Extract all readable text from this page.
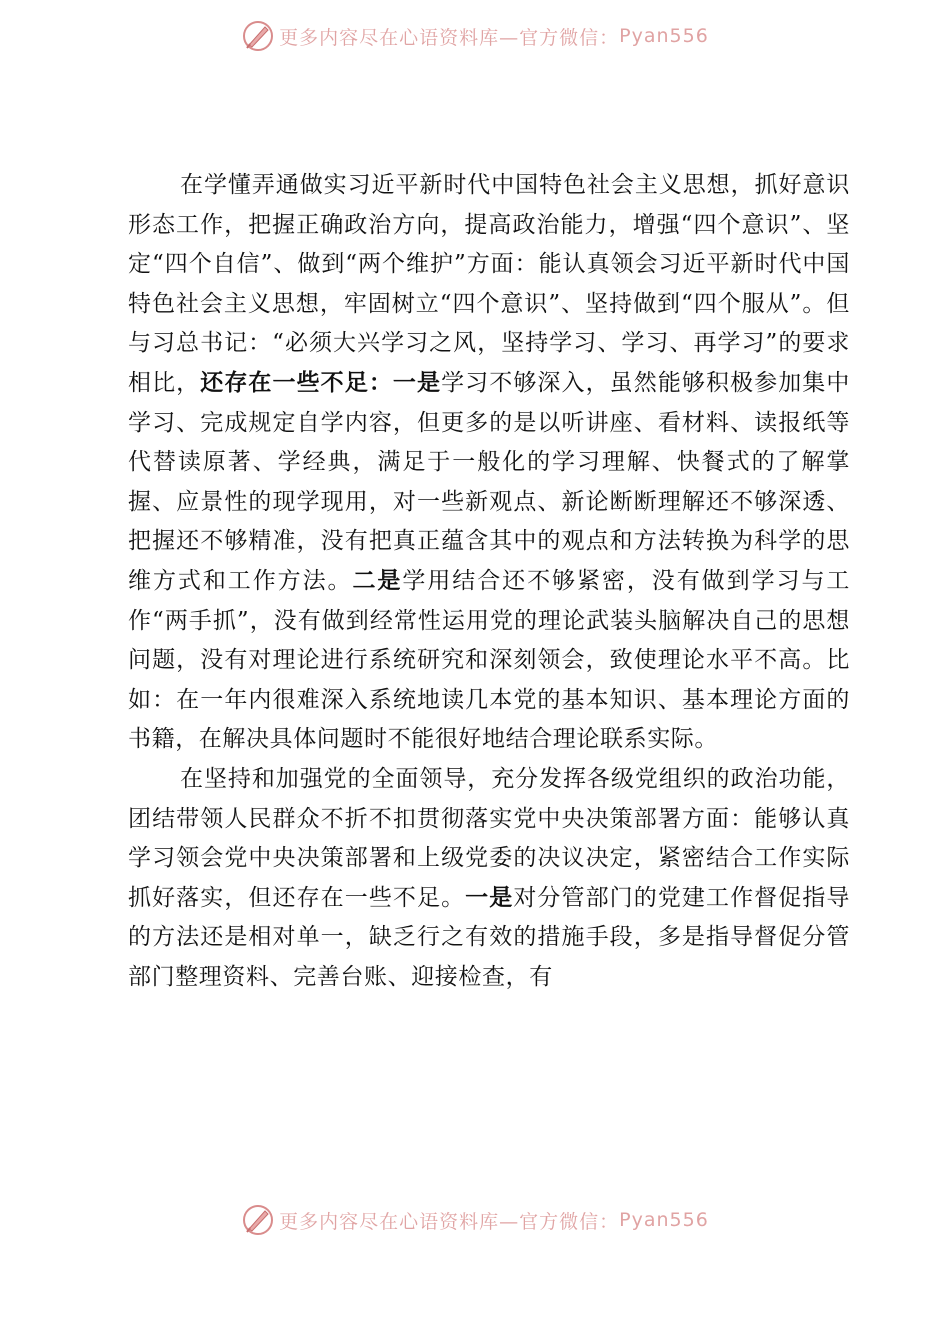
更多内容尽在心语资料库—官方微信： Pyan556

在学懂弄通做实习近平新时代中国特色社会主义思想，抓好意识形态工作，把握正确政治方向，提高政治能力，增强“四个意识”、坚定“四个自信”、做到“两个维护”方面：能认真领会习近平新时代中国特色社会主义思想，牢固树立“四个意识”、坚持做到“四个服从”。但与习总书记：“必须大兴学习之风，坚持学习、学习、再学习”的要求相比，还存在一些不足：一是学习不够深入，虽然能够积极参加集中学习、完成规定自学内容，但更多的是以听讲座、看材料、读报纸等代替读原著、学经典，满足于一般化的学习理解、快餐式的了解掌握、应景性的现学现用，对一些新观点、新论断断理解还不够深透、把握还不够精准，没有把真正蕴含其中的观点和方法转换为科学的思维方式和工作方法。二是学用结合还不够紧密，没有做到学习与工作“两手抓”，没有做到经常性运用党的理论武装头脑解决自己的思想问题，没有对理论进行系统研究和深刻领会，致使理论水平不高。比如：在一年内很难深入系统地读几本党的基本知识、基本理论方面的书籍，在解决具体问题时不能很好地结合理论联系实际。

在坚持和加强党的全面领导，充分发挥各级党组织的政治功能，团结带领人民群众不折不扣贯彻落实党中央决策部署方面：能够认真学习领会党中央决策部署和上级党委的决议决定，紧密结合工作实际抓好落实，但还存在一些不足。一是对分管部门的党建工作督促指导的方法还是相对单一，缺乏行之有效的措施手段，多是指导督促分管部门整理资料、完善台账、迎接检查，有

更多内容尽在心语资料库—官方微信： Pyan556
